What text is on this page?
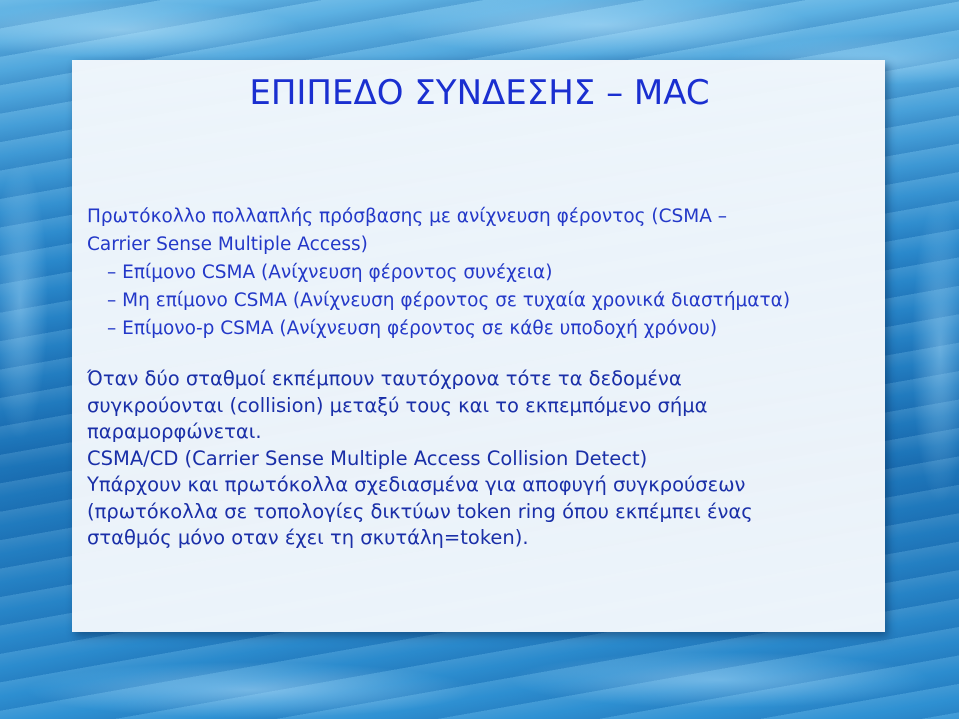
ΕΠΙΠΕΔΟ ΣΥΝΔΕΣΗΣ – MAC
Πρωτόκολλο πολλαπλής πρόσβασης με ανίχνευση φέροντος (CSMA –
Carrier Sense Multiple Access)
– Επίμονο CSMA (Ανίχνευση φέροντος συνέχεια)
– Μη επίμονο CSMA (Ανίχνευση φέροντος σε τυχαία χρονικά διαστήματα)
– Επίμονο-p CSMA (Ανίχνευση φέροντος σε κάθε υποδοχή χρόνου)
Όταν δύο σταθμοί εκπέμπουν ταυτόχρονα τότε τα δεδομένα
συγκρούονται (collision) μεταξύ τους και το εκπεμπόμενο σήμα
παραμορφώνεται.
CSMA/CD (Carrier Sense Multiple Access Collision Detect)
Υπάρχουν και πρωτόκολλα σχεδιασμένα για αποφυγή συγκρούσεων
(πρωτόκολλα σε τοπολογίες δικτύων token ring όπου εκπέμπει ένας
σταθμός μόνο οταν έχει τη σκυτάλη=token).
